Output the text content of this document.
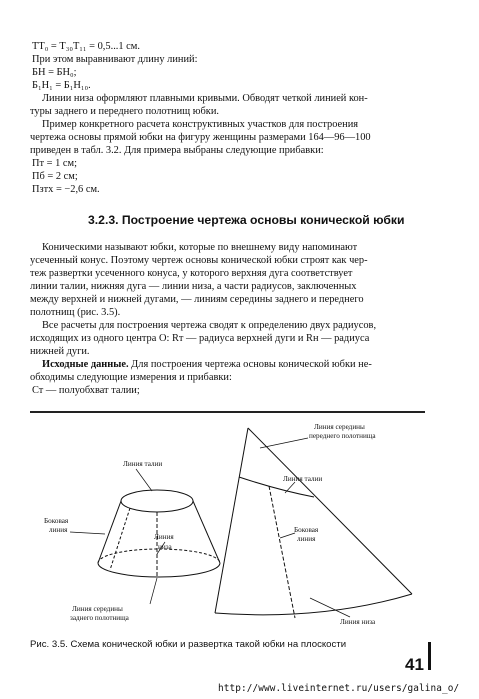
ТТ₀ = Т₃₀Т₁₁ = 0,5...1 см.
При этом выравнивают длину линий:
БН = БН₀;
Б₁Н₁ = Б₁Н₁₀.
Линии низа оформляют плавными кривыми. Обводят четкой линией кон-
туры заднего и переднего полотнищ юбки.
Пример конкретного расчета конструктивных участков для построения
чертежа основы прямой юбки на фигуру женщины размерами 164—96—100
приведен в табл. 3.2. Для примера выбраны следующие прибавки:
Пт = 1 см;
Пб = 2 см;
Пзтх = −2,6 см.
3.2.3. Построение чертежа основы конической юбки
Коническими называют юбки, которые по внешнему виду напоминают
усеченный конус. Поэтому чертеж основы конической юбки строят как чер-
теж развертки усеченного конуса, у которого верхняя дуга соответствует
линии талии, нижняя дуга — линии низа, а части радиусов, заключенных
между верхней и нижней дугами, — линиям середины заднего и переднего
полотнищ (рис. 3.5).
Все расчеты для построения чертежа сводят к определению двух радиусов,
исходящих из одного центра О: Rт — радиуса верхней дуги и Rн — радиуса
нижней дуги.
Исходные данные. Для построения чертежа основы конической юбки не-
обходимы следующие измерения и прибавки:
Ст — полуобхват талии;
Линия талии
Боковая
линия
Линия
низа
Линия середины
заднего полотнища
Линия середины
переднего полотнища
Линия талии
Боковая
линия
Линия низа
Рис. 3.5. Схема конической юбки и развертка такой юбки на плоскости
41
http://www.liveinternet.ru/users/galina_o/
